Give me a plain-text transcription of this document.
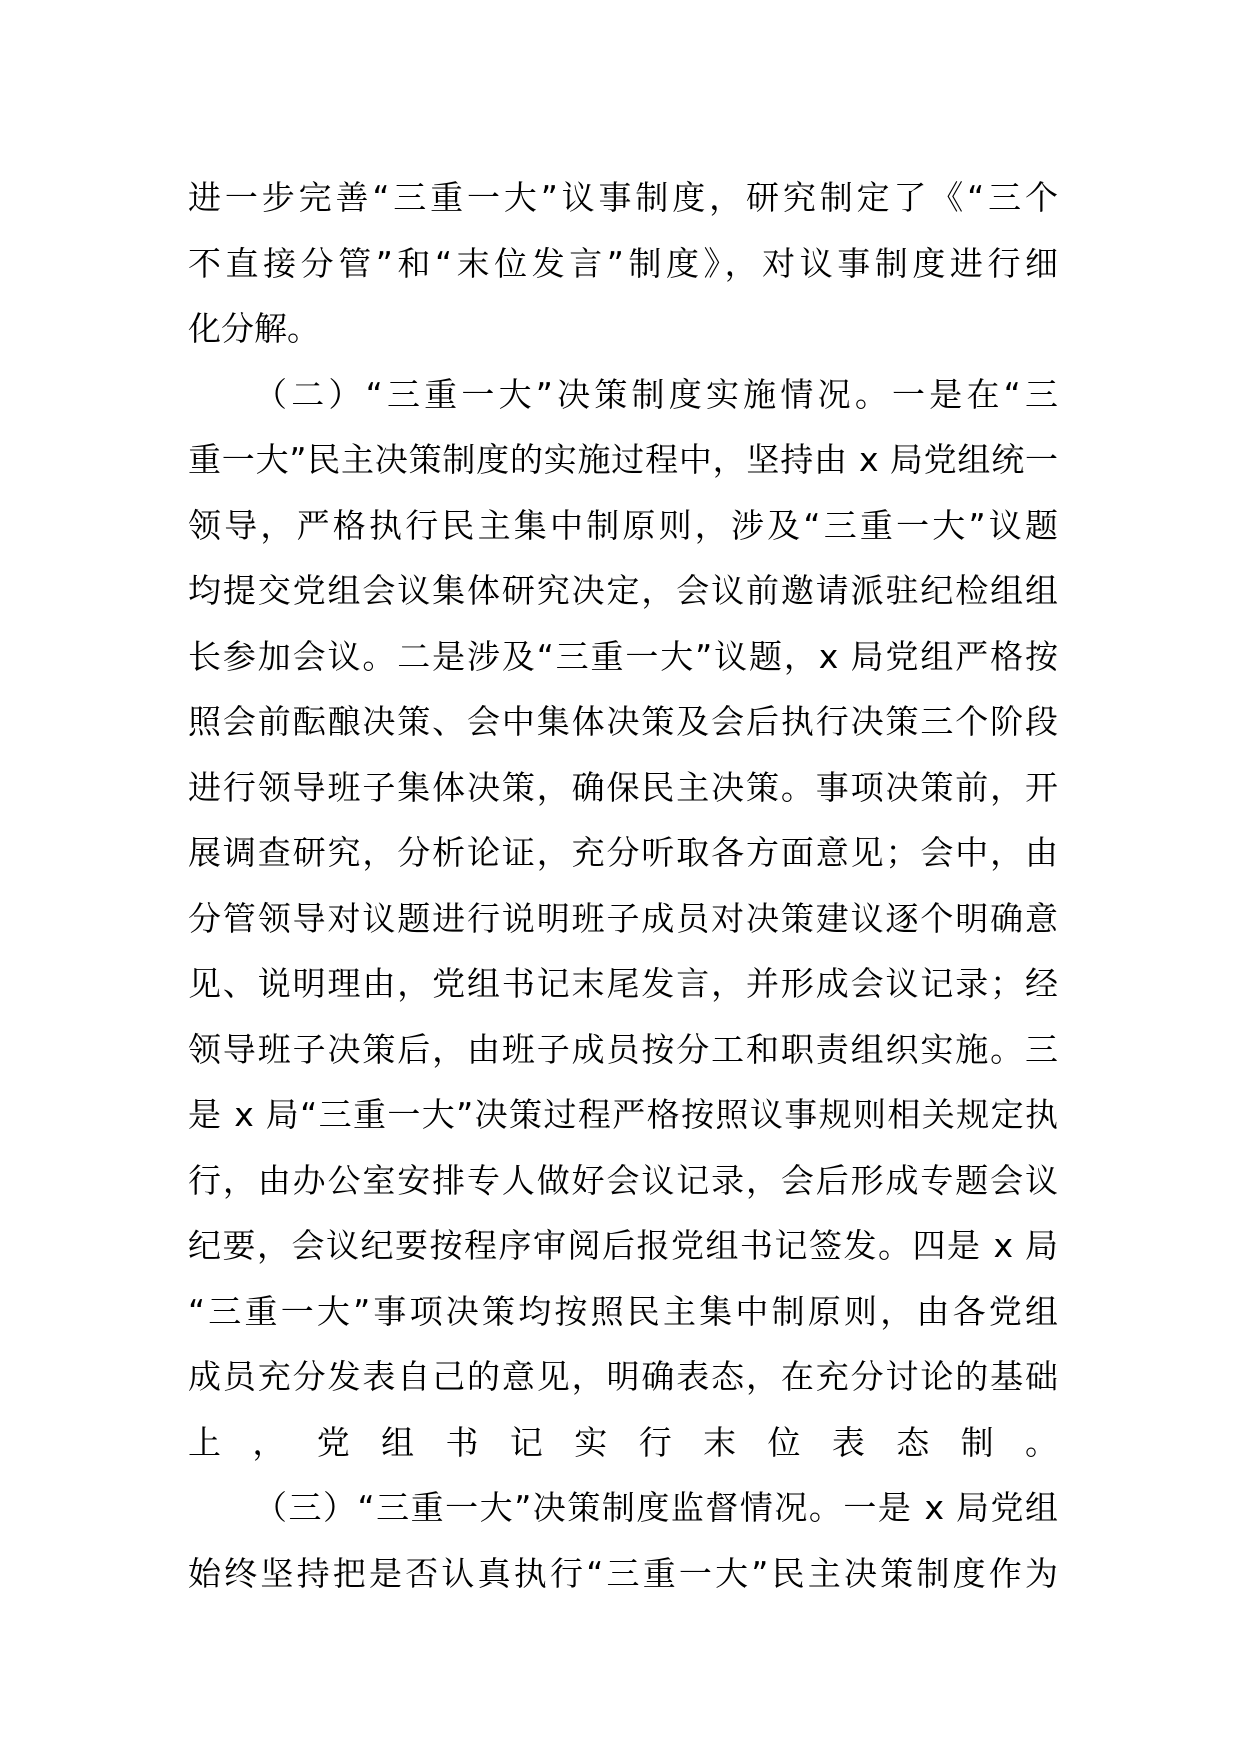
进一步完善“三重一大”议事制度，研究制定了《“三个
不直接分管”和“末位发言”制度》，对议事制度进行细
化分解。

（二）“三重一大”决策制度实施情况。一是在“三
重一大”民主决策制度的实施过程中，坚持由 x 局党组统一
领导，严格执行民主集中制原则，涉及“三重一大”议题
均提交党组会议集体研究决定，会议前邀请派驻纪检组组
长参加会议。二是涉及“三重一大”议题，x 局党组严格按
照会前酝酿决策、会中集体决策及会后执行决策三个阶段
进行领导班子集体决策，确保民主决策。事项决策前，开
展调查研究，分析论证，充分听取各方面意见；会中，由
分管领导对议题进行说明班子成员对决策建议逐个明确意
见、说明理由，党组书记末尾发言，并形成会议记录；经
领导班子决策后，由班子成员按分工和职责组织实施。三
是 x 局“三重一大”决策过程严格按照议事规则相关规定执
行，由办公室安排专人做好会议记录，会后形成专题会议
纪要，会议纪要按程序审阅后报党组书记签发。四是 x 局
“三重一大”事项决策均按照民主集中制原则，由各党组
成员充分发表自己的意见，明确表态，在充分讨论的基础
上，党组书记实行末位表态制。

（三）“三重一大”决策制度监督情况。一是 x 局党组
始终坚持把是否认真执行“三重一大”民主决策制度作为
